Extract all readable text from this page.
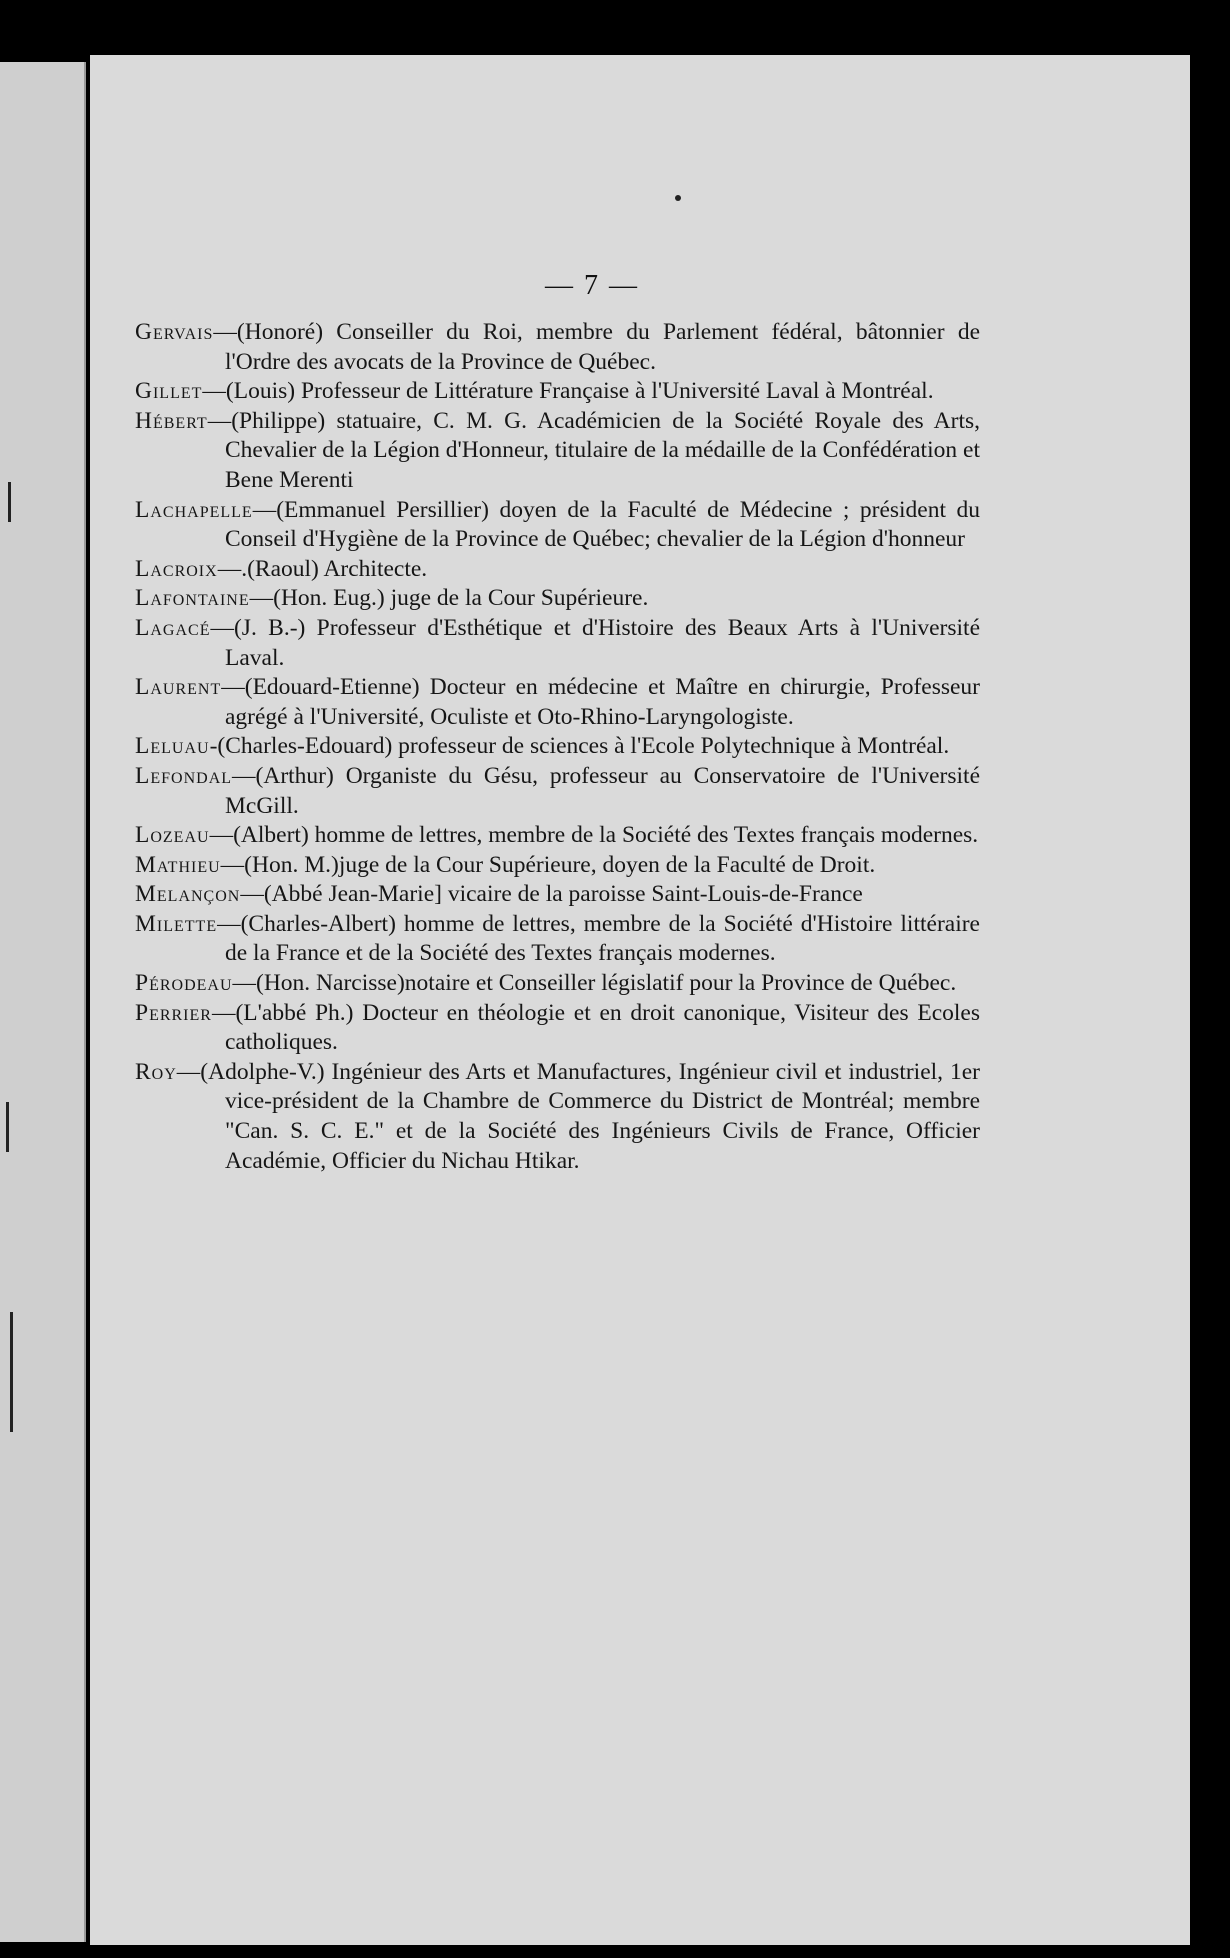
— 7 —

Gervais—(Honoré) Conseiller du Roi, membre du Parlement fédéral, bâtonnier de l'Ordre des avocats de la Province de Québec.

Gillet—(Louis) Professeur de Littérature Française à l'Université Laval à Montréal.

Hébert—(Philippe) statuaire, C. M. G. Académicien de la Société Royale des Arts, Chevalier de la Légion d'Honneur, titulaire de la médaille de la Confédération et Bene Merenti

Lachapelle—(Emmanuel Persillier) doyen de la Faculté de Médecine ; président du Conseil d'Hygiène de la Province de Québec; chevalier de la Légion d'honneur

Lacroix—.(Raoul) Architecte.

Lafontaine—(Hon. Eug.) juge de la Cour Supérieure.

Lagacé—(J. B.-) Professeur d'Esthétique et d'Histoire des Beaux Arts à l'Université Laval.

Laurent—(Edouard-Etienne) Docteur en médecine et Maître en chirurgie, Professeur agrégé à l'Université, Oculiste et Oto-Rhino-Laryngologiste.

Leluau-(Charles-Edouard) professeur de sciences à l'Ecole Polytechnique à Montréal.

Lefondal—(Arthur) Organiste du Gésu, professeur au Conservatoire de l'Université McGill.

Lozeau—(Albert) homme de lettres, membre de la Société des Textes français modernes.

Mathieu—(Hon. M.)juge de la Cour Supérieure, doyen de la Faculté de Droit.

Melançon—(Abbé Jean-Marie] vicaire de la paroisse Saint-Louis-de-France

Milette—(Charles-Albert) homme de lettres, membre de la Société d'Histoire littéraire de la France et de la Société des Textes français modernes.

Pérodeau—(Hon. Narcisse)notaire et Conseiller législatif pour la Province de Québec.

Perrier—(L'abbé Ph.) Docteur en théologie et en droit canonique, Visiteur des Ecoles catholiques.

Roy—(Adolphe-V.) Ingénieur des Arts et Manufactures, Ingénieur civil et industriel, 1er vice-président de la Chambre de Commerce du District de Montréal; membre "Can. S. C. E." et de la Société des Ingénieurs Civils de France, Officier Académie, Officier du Nichau Htikar.
